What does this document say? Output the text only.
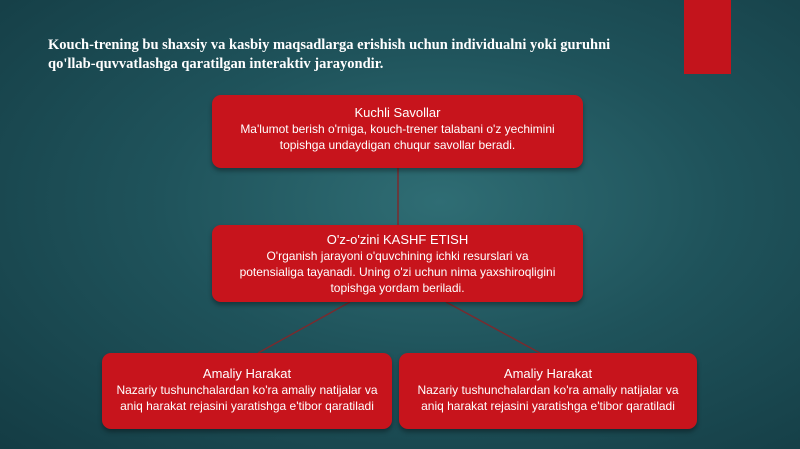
Kouch-trening bu shaxsiy va kasbiy maqsadlarga erishish uchun individualni yoki guruhni
qo'llab-quvvatlashga qaratilgan interaktiv jarayondir.
Kuchli Savollar
Ma'lumot berish o'rniga, kouch-trener talabani o'z yechimini
topishga undaydigan chuqur savollar beradi.
O'z-o'zini KASHF ETISH
O'rganish jarayoni o'quvchining ichki resurslari va
potensialiga tayanadi. Uning o'zi uchun nima yaxshiroqligini
topishga yordam beriladi.
Amaliy Harakat
Nazariy tushunchalardan ko'ra amaliy natijalar va
aniq harakat rejasini yaratishga e'tibor qaratiladi
Amaliy Harakat
Nazariy tushunchalardan ko'ra amaliy natijalar va
aniq harakat rejasini yaratishga e'tibor qaratiladi
